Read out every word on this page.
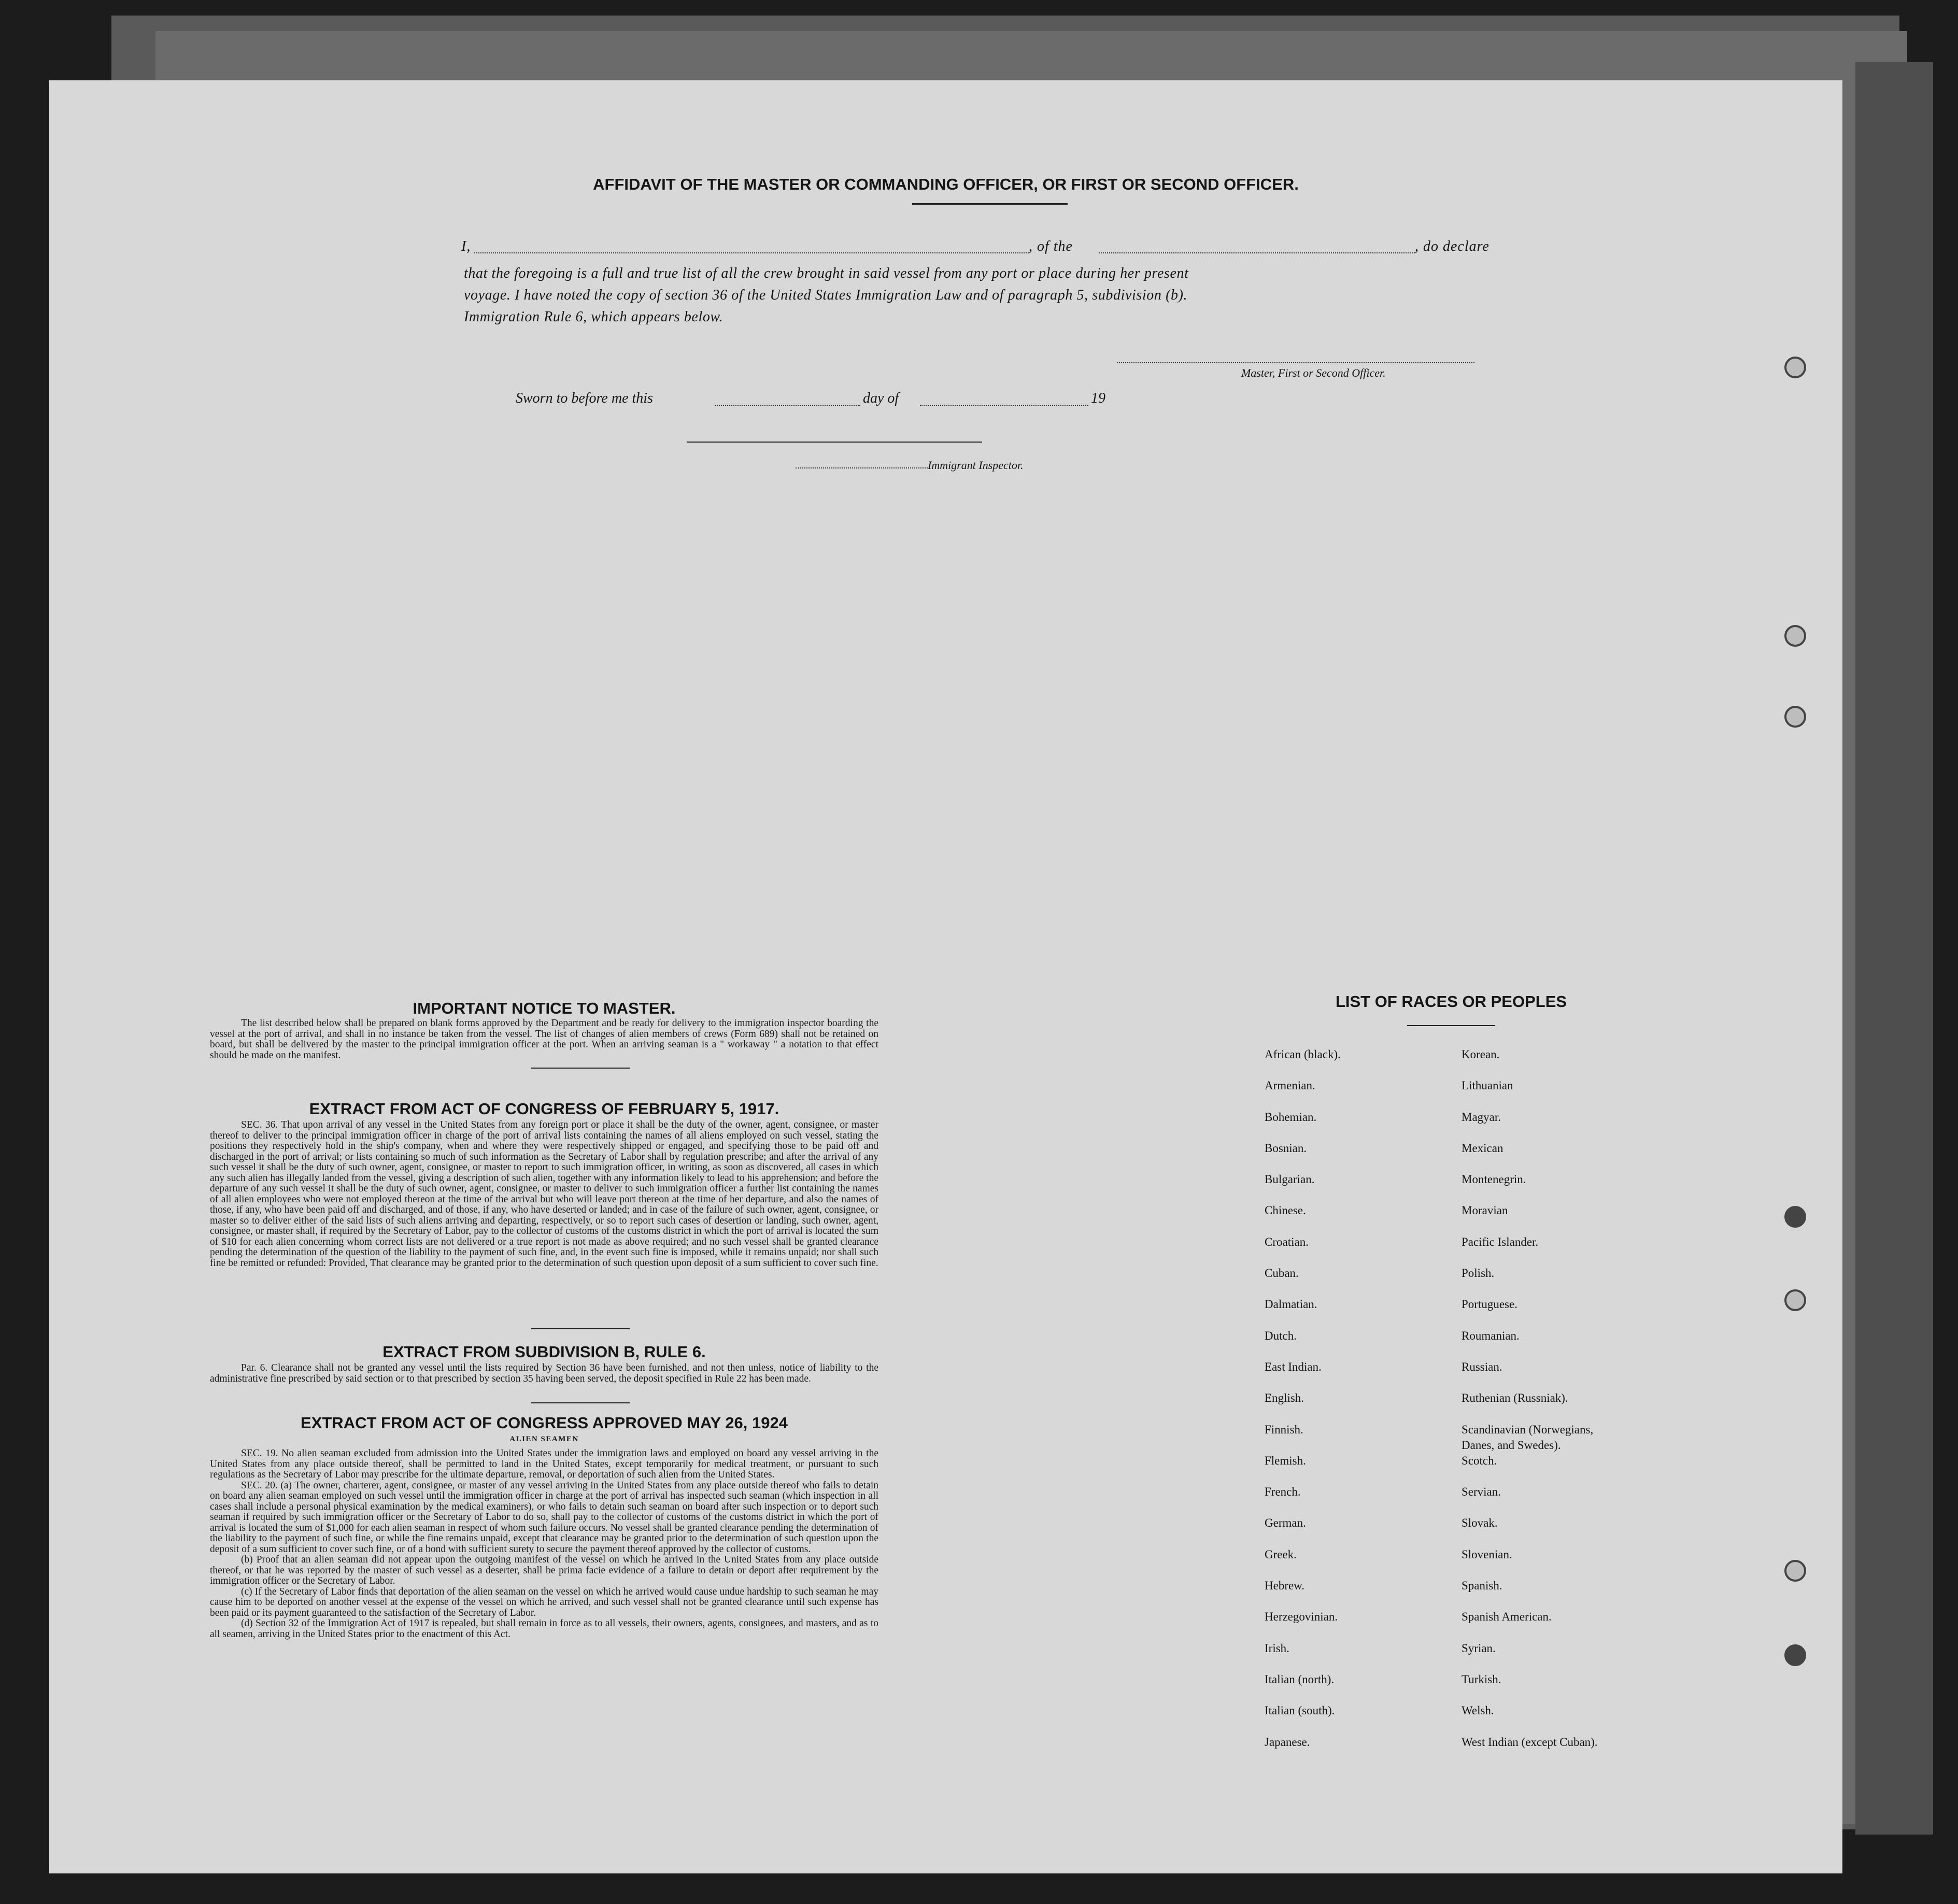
AFFIDAVIT OF THE MASTER OR COMMANDING OFFICER, OR FIRST OR SECOND OFFICER.
I,	, of the	, do declare
that the foregoing is a full and true list of all the crew brought in said vessel from any port or place during her present
voyage. I have noted the copy of section 36 of the United States Immigration Law and of paragraph 5, subdivision (b).
Immigration Rule 6, which appears below.
Master, First or Second Officer.
Sworn to before me this	day of	19
Immigrant Inspector.
IMPORTANT NOTICE TO MASTER.
The list described below shall be prepared on blank forms approved by the Department and be ready for delivery to the immigration inspector boarding the vessel at the port of arrival, and shall in no instance be taken from the vessel. The list of changes of alien members of crews (Form 689) shall not be retained on board, but shall be delivered by the master to the principal immigration officer at the port. When an arriving seaman is a " workaway " a notation to that effect should be made on the manifest.
EXTRACT FROM ACT OF CONGRESS OF FEBRUARY 5, 1917.
SEC. 36. That upon arrival of any vessel in the United States from any foreign port or place it shall be the duty of the owner, agent, consignee, or master thereof to deliver to the principal immigration officer in charge of the port of arrival lists containing the names of all aliens employed on such vessel, stating the positions they respectively hold in the ship's company, when and where they were respectively shipped or engaged, and specifying those to be paid off and discharged in the port of arrival; or lists containing so much of such information as the Secretary of Labor shall by regulation prescribe; and after the arrival of any such vessel it shall be the duty of such owner, agent, consignee, or master to report to such immigration officer, in writing, as soon as discovered, all cases in which any such alien has illegally landed from the vessel, giving a description of such alien, together with any information likely to lead to his apprehension; and before the departure of any such vessel it shall be the duty of such owner, agent, consignee, or master to deliver to such immigration officer a further list containing the names of all alien employees who were not employed thereon at the time of the arrival but who will leave port thereon at the time of her departure, and also the names of those, if any, who have been paid off and discharged, and of those, if any, who have deserted or landed; and in case of the failure of such owner, agent, consignee, or master so to deliver either of the said lists of such aliens arriving and departing, respectively, or so to report such cases of desertion or landing, such owner, agent, consignee, or master shall, if required by the Secretary of Labor, pay to the collector of customs of the customs district in which the port of arrival is located the sum of $10 for each alien concerning whom correct lists are not delivered or a true report is not made as above required; and no such vessel shall be granted clearance pending the determination of the question of the liability to the payment of such fine, and, in the event such fine is imposed, while it remains unpaid; nor shall such fine be remitted or refunded: Provided, That clearance may be granted prior to the determination of such question upon deposit of a sum sufficient to cover such fine.
EXTRACT FROM SUBDIVISION B, RULE 6.
Par. 6. Clearance shall not be granted any vessel until the lists required by Section 36 have been furnished, and not then unless, notice of liability to the administrative fine prescribed by said section or to that prescribed by section 35 having been served, the deposit specified in Rule 22 has been made.
EXTRACT FROM ACT OF CONGRESS APPROVED MAY 26, 1924
ALIEN SEAMEN
SEC. 19. No alien seaman excluded from admission into the United States under the immigration laws and employed on board any vessel arriving in the United States from any place outside thereof, shall be permitted to land in the United States, except temporarily for medical treatment, or pursuant to such regulations as the Secretary of Labor may prescribe for the ultimate departure, removal, or deportation of such alien from the United States.
SEC. 20. (a) The owner, charterer, agent, consignee, or master of any vessel arriving in the United States from any place outside thereof who fails to detain on board any alien seaman employed on such vessel until the immigration officer in charge at the port of arrival has inspected such seaman (which inspection in all cases shall include a personal physical examination by the medical examiners), or who fails to detain such seaman on board after such inspection or to deport such seaman if required by such immigration officer or the Secretary of Labor to do so, shall pay to the collector of customs of the customs district in which the port of arrival is located the sum of $1,000 for each alien seaman in respect of whom such failure occurs. No vessel shall be granted clearance pending the determination of the liability to the payment of such fine, or while the fine remains unpaid, except that clearance may be granted prior to the determination of such question upon the deposit of a sum sufficient to cover such fine, or of a bond with sufficient surety to secure the payment thereof approved by the collector of customs.
(b) Proof that an alien seaman did not appear upon the outgoing manifest of the vessel on which he arrived in the United States from any place outside thereof, or that he was reported by the master of such vessel as a deserter, shall be prima facie evidence of a failure to detain or deport after requirement by the immigration officer or the Secretary of Labor.
(c) If the Secretary of Labor finds that deportation of the alien seaman on the vessel on which he arrived would cause undue hardship to such seaman he may cause him to be deported on another vessel at the expense of the vessel on which he arrived, and such vessel shall not be granted clearance until such expense has been paid or its payment guaranteed to the satisfaction of the Secretary of Labor.
(d) Section 32 of the Immigration Act of 1917 is repealed, but shall remain in force as to all vessels, their owners, agents, consignees, and masters, and as to all seamen, arriving in the United States prior to the enactment of this Act.
LIST OF RACES OR PEOPLES
African (black).
Armenian.
Bohemian.
Bosnian.
Bulgarian.
Chinese.
Croatian.
Cuban.
Dalmatian.
Dutch.
East Indian.
English.
Finnish.
Flemish.
French.
German.
Greek.
Hebrew.
Herzegovinian.
Irish.
Italian (north).
Italian (south).
Japanese.
Korean.
Lithuanian
Magyar.
Mexican
Montenegrin.
Moravian
Pacific Islander.
Polish.
Portuguese.
Roumanian.
Russian.
Ruthenian (Russniak).
Scandinavian (Norwegians,
Danes, and Swedes).
Scotch.
Servian.
Slovak.
Slovenian.
Spanish.
Spanish American.
Syrian.
Turkish.
Welsh.
West Indian (except Cuban).
